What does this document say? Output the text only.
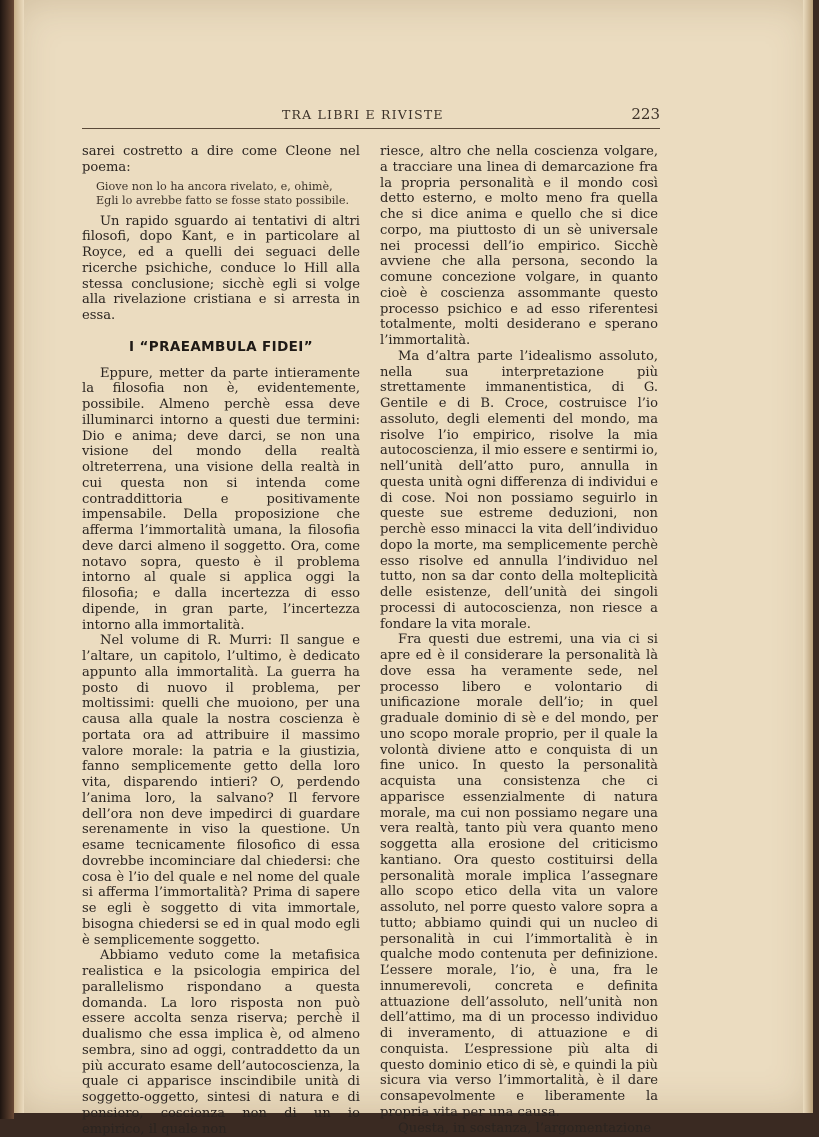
TRA LIBRI E RIVISTE	223

sarei costretto a dire come Cleone nel poema:

Giove non lo ha ancora rivelato, e, ohimè,
Egli lo avrebbe fatto se fosse stato possibile.

Un rapido sguardo ai tentativi di altri filosofi, dopo Kant, e in particolare al Royce, ed a quelli dei seguaci delle ricerche psichiche, conduce lo Hill alla stessa conclusione; sicchè egli si volge alla rivelazione cristiana e si arresta in essa.

I “PRAEAMBULA FIDEI”

Eppure, metter da parte intieramente la filosofia non è, evidentemente, possibile. Almeno perchè essa deve illuminarci intorno a questi due termini: Dio e anima; deve darci, se non una visione del mondo della realtà oltreterrena, una visione della realtà in cui questa non si intenda come contraddittoria e positivamente impensabile. Della proposizione che afferma l’immortalità umana, la filosofia deve darci almeno il soggetto. Ora, come notavo sopra, questo è il problema intorno al quale si applica oggi la filosofia; e dalla incertezza di esso dipende, in gran parte, l’incertezza intorno alla immortalità.

Nel volume di R. Murri: Il sangue e l’altare, un capitolo, l’ultimo, è dedicato appunto alla immortalità. La guerra ha posto di nuovo il problema, per moltissimi: quelli che muoiono, per una causa alla quale la nostra coscienza è portata ora ad attribuire il massimo valore morale: la patria e la giustizia, fanno semplicemente getto della loro vita, disparendo intieri? O, perdendo l’anima loro, la salvano? Il fervore dell’ora non deve impedirci di guardare serenamente in viso la questione. Un esame tecnicamente filosofico di essa dovrebbe incominciare dal chiedersi: che cosa è l’io del quale e nel nome del quale si afferma l’immortalità? Prima di sapere se egli è soggetto di vita immortale, bisogna chiedersi se ed in qual modo egli è semplicemente soggetto.

Abbiamo veduto come la metafisica realistica e la psicologia empirica del parallelismo rispondano a questa domanda. La loro risposta non può essere accolta senza riserva; perchè il dualismo che essa implica è, od almeno sembra, sino ad oggi, contraddetto da un più accurato esame dell’autocoscienza, la quale ci apparisce inscindibile unità di soggetto-oggetto, sintesi di natura e di pensiero, coscienza non di un io empirico, il quale non

riesce, altro che nella coscienza volgare, a tracciare una linea di demarcazione fra la propria personalità e il mondo così detto esterno, e molto meno fra quella che si dice anima e quello che si dice corpo, ma piuttosto di un sè universale nei processi dell’io empirico. Sicchè avviene che alla persona, secondo la comune concezione volgare, in quanto cioè è coscienza assommante questo processo psichico e ad esso riferentesi totalmente, molti desiderano e sperano l’immortalità.

Ma d’altra parte l’idealismo assoluto, nella sua interpretazione più strettamente immanentistica, di G. Gentile e di B. Croce, costruisce l’io assoluto, degli elementi del mondo, ma risolve l’io empirico, risolve la mia autocoscienza, il mio essere e sentirmi io, nell’unità dell’atto puro, annulla in questa unità ogni differenza di individui e di cose. Noi non possiamo seguirlo in queste sue estreme deduzioni, non perchè esso minacci la vita dell’individuo dopo la morte, ma semplicemente perchè esso risolve ed annulla l’individuo nel tutto, non sa dar conto della molteplicità delle esistenze, dell’unità dei singoli processi di autocoscienza, non riesce a fondare la vita morale.

Fra questi due estremi, una via ci si apre ed è il considerare la personalità là dove essa ha veramente sede, nel processo libero e volontario di unificazione morale dell’io; in quel graduale dominio di sè e del mondo, per uno scopo morale proprio, per il quale la volontà diviene atto e conquista di un fine unico. In questo la personalità acquista una consistenza che ci apparisce essenzialmente di natura morale, ma cui non possiamo negare una vera realtà, tanto più vera quanto meno soggetta alla erosione del criticismo kantiano. Ora questo costituirsi della personalità morale implica l’assegnare allo scopo etico della vita un valore assoluto, nel porre questo valore sopra a tutto; abbiamo quindi qui un nucleo di personalità in cui l’immortalità è in qualche modo contenuta per definizione. L’essere morale, l’io, è una, fra le innumerevoli, concreta e definita attuazione dell’assoluto, nell’unità non dell’attimo, ma di un processo individuo di inveramento, di attuazione e di conquista. L’espressione più alta di questo dominio etico di sè, e quindi la più sicura via verso l’immortalità, è il dare consapevolmente e liberamente la propria vita per una causa.

Questa, in sostanza, l’argomentazione
